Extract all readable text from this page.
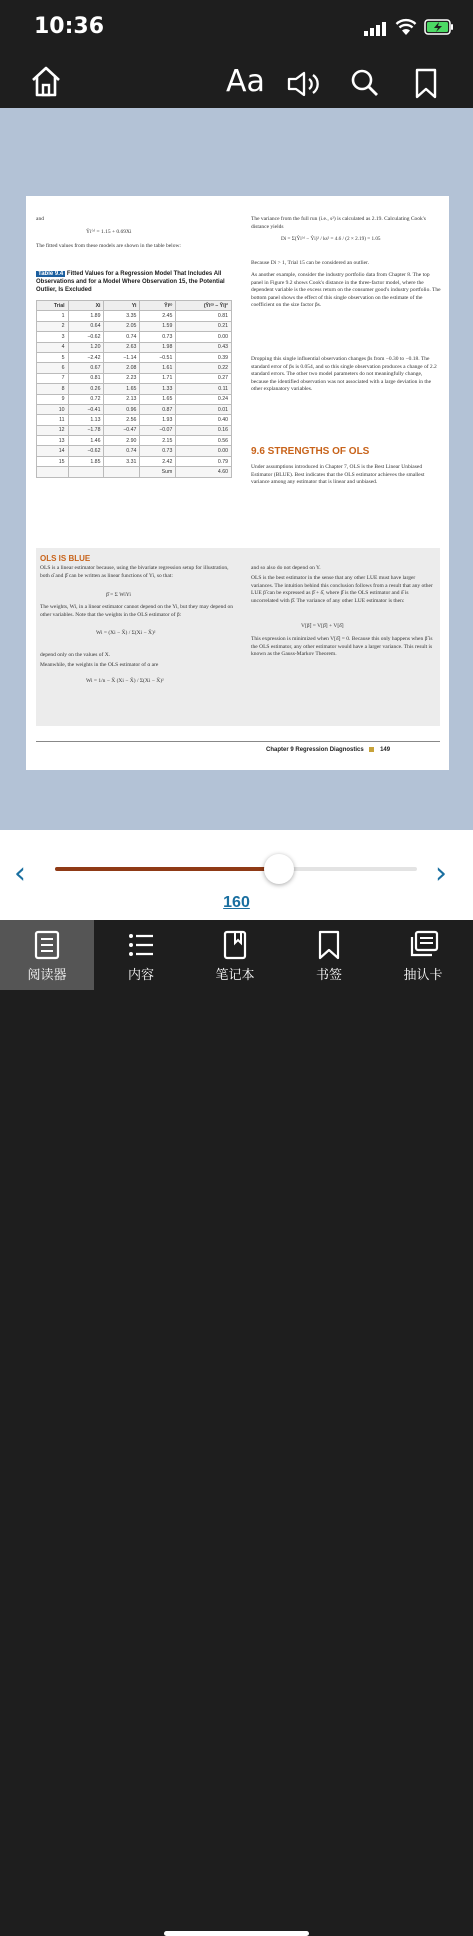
10:36
Aa
and
Ŷi⁽ᶦ⁾ = 1.15 + 0.69Xi
The fitted values from these models are shown in the table below:
Table 9.4 Fitted Values for a Regression Model That Includes All Observations and for a Model Where Observation 15, the Potential Outlier, Is Excluded
Trial	Xi	Yi	Ŷi⁽ᶦ⁾	(Ŷi⁽ᶦ⁾ − Ŷi)²
1	1.89	3.35	2.45	0.81
2	0.64	2.05	1.59	0.21
3	−0.62	0.74	0.73	0.00
4	1.20	2.63	1.98	0.43
5	−2.42	−1.14	−0.51	0.39
6	0.67	2.08	1.61	0.22
7	0.81	2.23	1.71	0.27
8	0.26	1.65	1.33	0.11
9	0.72	2.13	1.65	0.24
10	−0.41	0.96	0.87	0.01
11	1.13	2.56	1.93	0.40
12	−1.78	−0.47	−0.07	0.16
13	1.46	2.90	2.15	0.56
14	−0.62	0.74	0.73	0.00
15	1.85	3.31	2.42	0.79
			Sum	4.60
The variance from the full run (i.e., s²) is calculated as 2.19. Calculating Cook's distance yields
Di = Σ(Ŷi⁽ᶦ⁾ − Ŷi)² / ks² = 4.6 / (2 × 2.19) = 1.05
Because Di > 1, Trial 15 can be considered an outlier.
As another example, consider the industry portfolio data from Chapter 8. The top panel in Figure 9.2 shows Cook's distance in the three-factor model, where the dependent variable is the excess return on the consumer good's industry portfolio. The bottom panel shows the effect of this single observation on the estimate of the coefficient on the size factor βs.
Dropping this single influential observation changes βs from −0.30 to −0.18. The standard error of βs is 0.054, and so this single observation produces a change of 2.2 standard errors. The other two model parameters do not meaningfully change, because the identified observation was not associated with a large deviation in the other explanatory variables.
9.6 STRENGTHS OF OLS
Under assumptions introduced in Chapter 7, OLS is the Best Linear Unbiased Estimator (BLUE). Best indicates that the OLS estimator achieves the smallest variance among any estimator that is linear and unbiased.
OLS IS BLUE
OLS is a linear estimator because, using the bivariate regression setup for illustration, both α̂ and β̂ can be written as linear functions of Yi, so that:
β̂ = Σ WiYi
The weights, Wi, in a linear estimator cannot depend on the Yi, but they may depend on other variables. Note that the weights in the OLS estimator of β:
Wi = (Xi − X̄) / Σ(Xi − X̄)²
depend only on the values of X.
Meanwhile, the weights in the OLS estimator of α are
Wi = 1/n − X̄ (Xi − X̄) / Σ(Xi − X̄)²
and so also do not depend on Y.
OLS is the best estimator in the sense that any other LUE must have larger variances. The intuition behind this conclusion follows from a result that any other LUE β̃ can be expressed as β̂ + δ̂, where β̂ is the OLS estimator and δ̂ is uncorrelated with β̂. The variance of any other LUE estimator is then:
V[β̃] = V[β̂] + V[δ̂]
This expression is minimized when V[δ̂] = 0. Because this only happens when β̃ is the OLS estimator, any other estimator would have a larger variance. This result is known as the Gauss-Markov Theorem.
Chapter 9 Regression Diagnostics	149
‹	›
160
阅读器	内容	笔记本	书签	抽认卡
